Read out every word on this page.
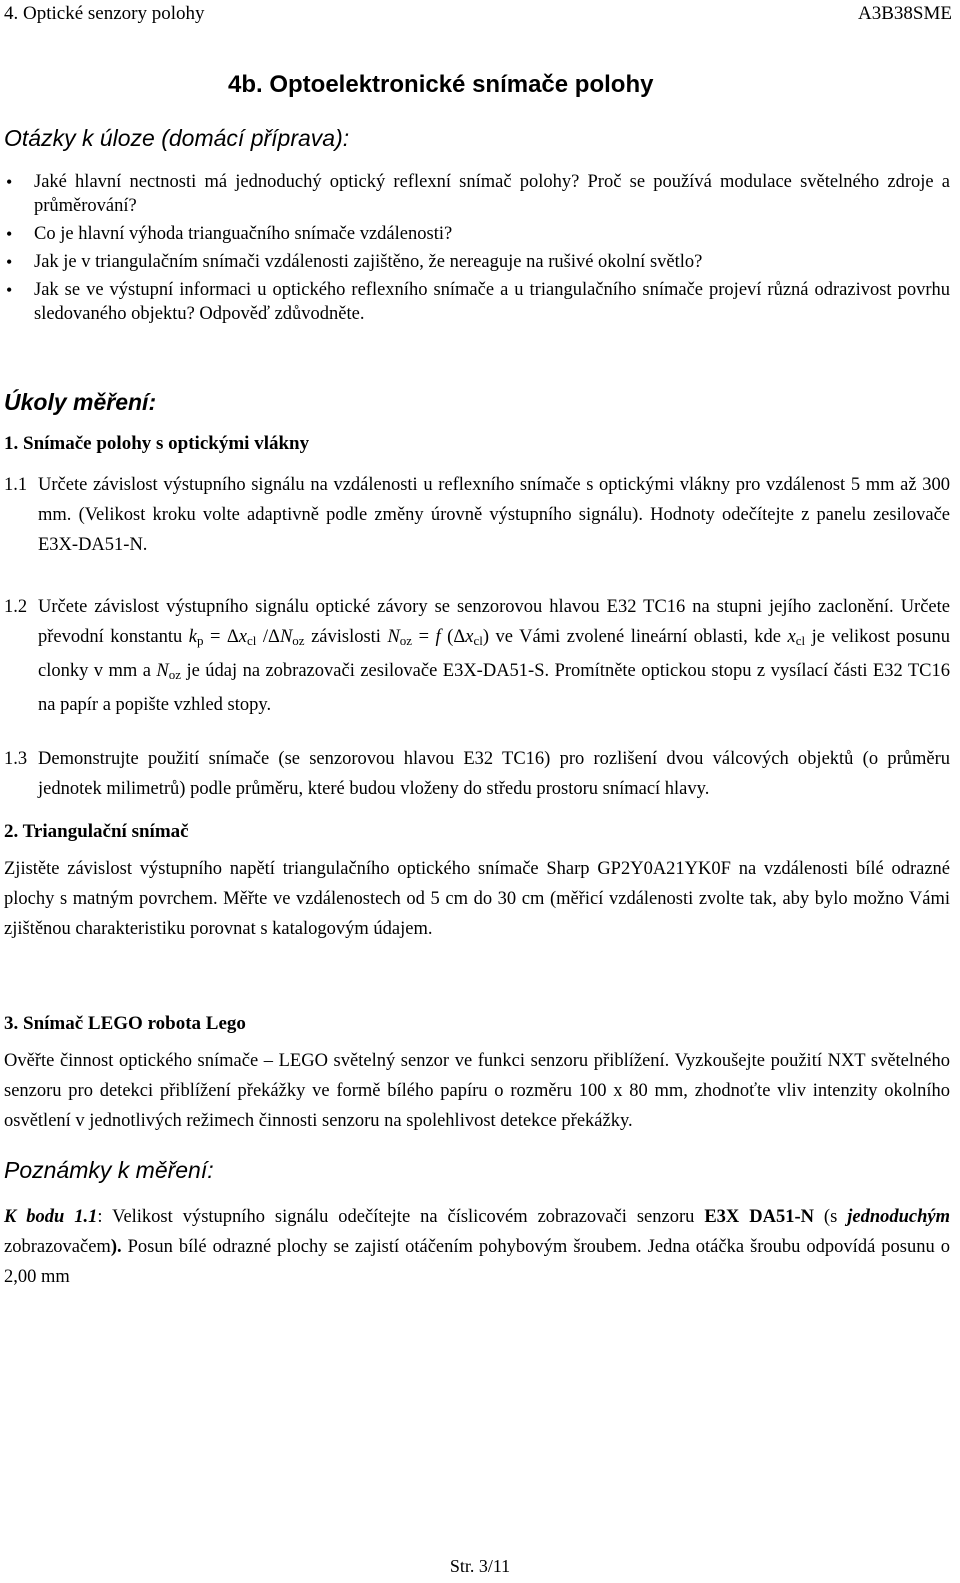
4. Optické senzory polohy	A3B38SME
4b. Optoelektronické snímače polohy
Otázky k úloze (domácí příprava):
• Jaké hlavní nectnosti má jednoduchý optický reflexní snímač polohy? Proč se používá modulace světelného zdroje a průměrování?
• Co je hlavní výhoda trianguačního snímače vzdálenosti?
• Jak je v triangulačním snímači vzdálenosti zajištěno, že nereaguje na rušivé okolní světlo?
• Jak se ve výstupní informaci u optického reflexního snímače a u triangulačního snímače projeví různá odrazivost povrhu sledovaného objektu? Odpověď zdůvodněte.
Úkoly měření:
1. Snímače polohy s optickými vlákny
1.1 Určete závislost výstupního signálu na vzdálenosti u reflexního snímače s optickými vlákny pro vzdálenost 5 mm až 300 mm. (Velikost kroku volte adaptivně podle změny úrovně výstupního signálu). Hodnoty odečítejte z panelu zesilovače E3X-DA51-N.
1.2 Určete závislost výstupního signálu optické závory se senzorovou hlavou E32 TC16 na stupni jejího zaclonění. Určete převodní konstantu $k_p = \Delta x_{cl}$ $/\Delta N_{oz}$ závislosti $N_{oz} = f$ $(\Delta x_{cl})$ ve Vámi zvolené lineární oblasti, kde $x_{cl}$ je velikost posunu clonky v mm a $N_{oz}$ je údaj na zobrazovači zesilovače E3X-DA51-S. Promítněte optickou stopu z vysílací části E32 TC16 na papír a popište vzhled stopy.
1.3 Demonstrujte použití snímače (se senzorovou hlavou E32 TC16) pro rozlišení dvou válcových objektů (o průměru jednotek milimetrů) podle průměru, které budou vloženy do středu prostoru snímací hlavy.
2. Triangulační snímač
Zjistěte závislost výstupního napětí triangulačního optického snímače Sharp GP2Y0A21YK0F na vzdálenosti bílé odrazné plochy s matným povrchem. Měřte ve vzdálenostech od 5 cm do 30 cm (měřicí vzdálenosti zvolte tak, aby bylo možno Vámi zjištěnou charakteristiku porovnat s katalogovým údajem.
3. Snímač LEGO robota Lego
Ověřte činnost optického snímače – LEGO světelný senzor ve funkci senzoru přiblížení. Vyzkoušejte použití NXT světelného senzoru pro detekci přiblížení překážky ve formě bílého papíru o rozměru 100 x 80 mm, zhodnoťte vliv intenzity okolního osvětlení v jednotlivých režimech činnosti senzoru na spolehlivost detekce překážky.
Poznámky k měření:
K bodu 1.1: Velikost výstupního signálu odečítejte na číslicovém zobrazovači senzoru E3X DA51-N (s jednoduchým zobrazovačem). Posun bílé odrazné plochy se zajistí otáčením pohybovým šroubem. Jedna otáčka šroubu odpovídá posunu o 2,00 mm
Str. 3/11
